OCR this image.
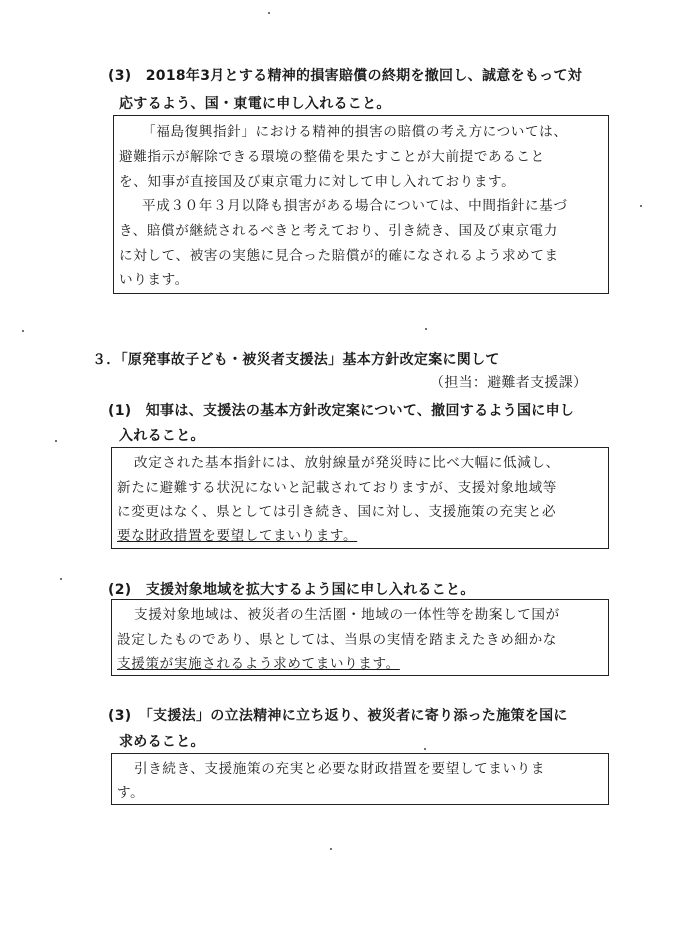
(3)　2018年3月とする精神的損害賠償の終期を撤回し、誠意をもって対
応するよう、国・東電に申し入れること。
「福島復興指針」における精神的損害の賠償の考え方については、
避難指示が解除できる環境の整備を果たすことが大前提であること
を、知事が直接国及び東京電力に対して申し入れております。
平成３０年３月以降も損害がある場合については、中間指針に基づ
き、賠償が継続されるべきと考えており、引き続き、国及び東京電力
に対して、被害の実態に見合った賠償が的確になされるよう求めてま
いります。
３．「原発事故子ども・被災者支援法」基本方針改定案に関して
（担当：避難者支援課）
(1)　知事は、支援法の基本方針改定案について、撤回するよう国に申し
入れること。
改定された基本指針には、放射線量が発災時に比べ大幅に低減し、
新たに避難する状況にないと記載されておりますが、支援対象地域等
に変更はなく、県としては引き続き、国に対し、支援施策の充実と必
要な財政措置を要望してまいります。
(2)　支援対象地域を拡大するよう国に申し入れること。
支援対象地域は、被災者の生活圏・地域の一体性等を勘案して国が
設定したものであり、県としては、当県の実情を踏まえたきめ細かな
支援策が実施されるよう求めてまいります。
(3)　「支援法」の立法精神に立ち返り、被災者に寄り添った施策を国に
求めること。
引き続き、支援施策の充実と必要な財政措置を要望してまいりま
す。
